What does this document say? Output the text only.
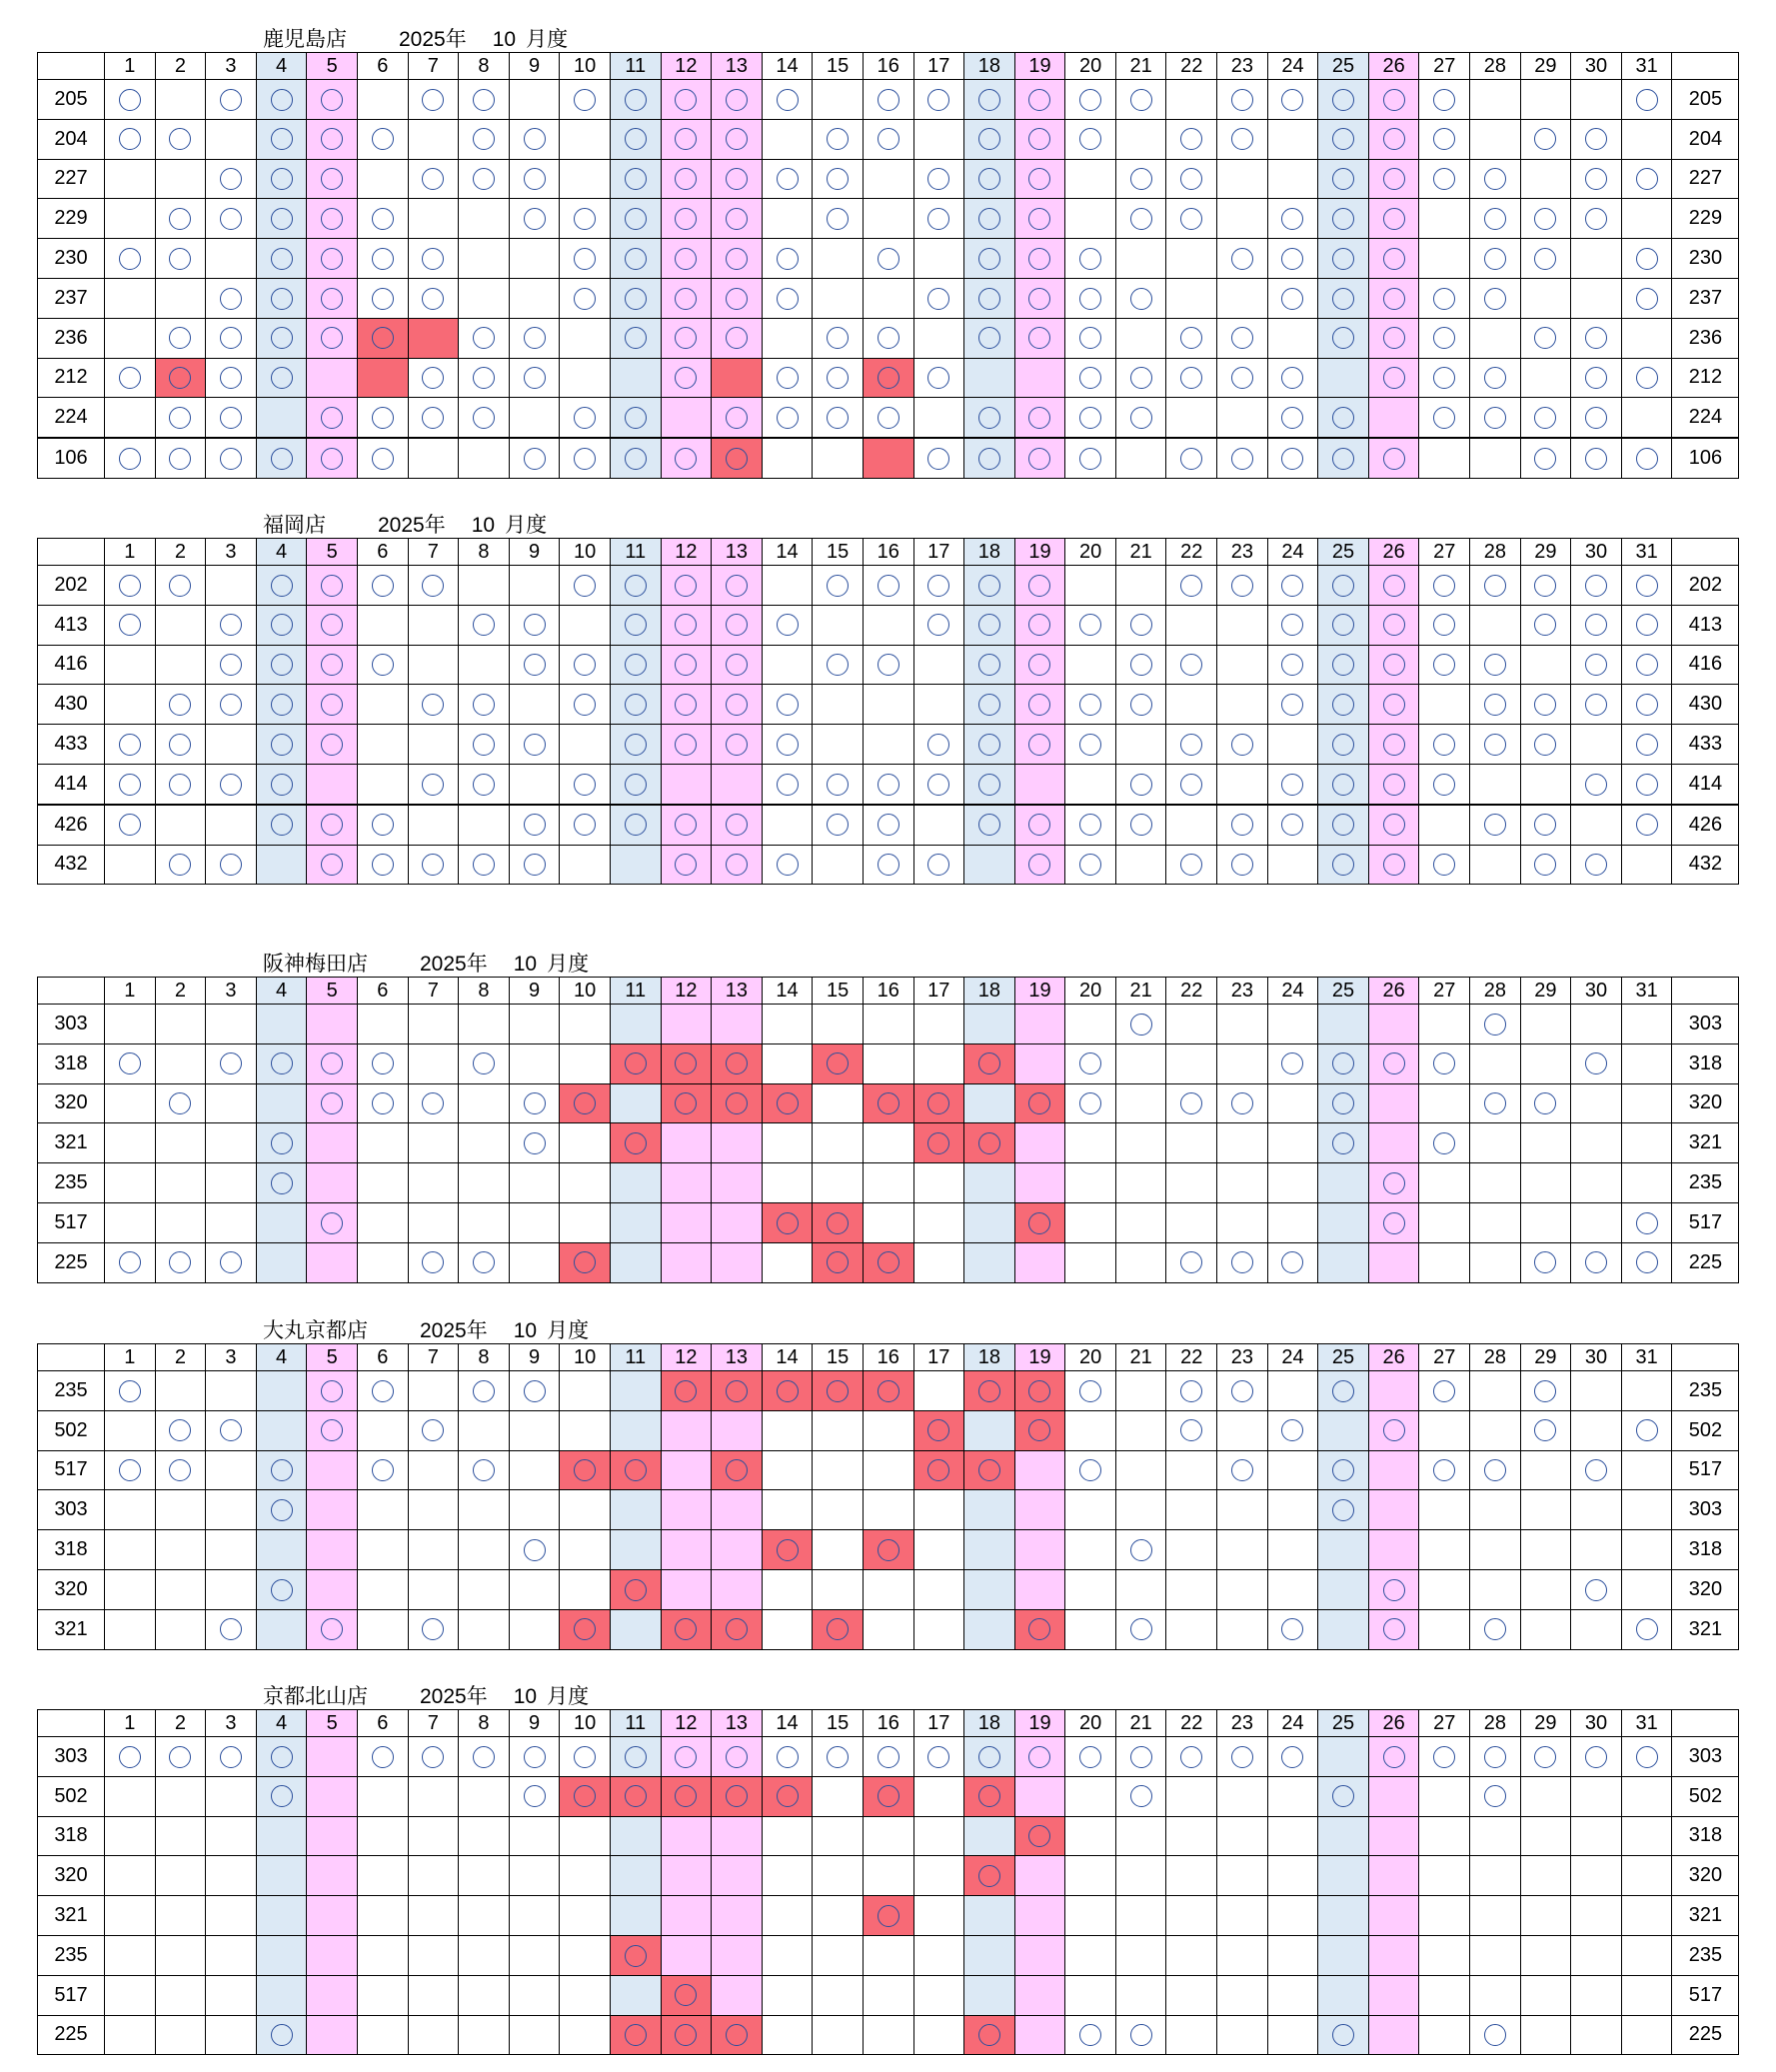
鹿児島店 2025年 10 月度
	1	2	3	4	5	6	7	8	9	10	11	12	13	14	15	16	17	18	19	20	21	22	23	24	25	26	27	28	29	30	31	
205																																205
204																																204
227																																227
229																																229
230																																230
237																																237
236																																236
212																																212
224																																224
106																																106
福岡店 2025年 10 月度
	1	2	3	4	5	6	7	8	9	10	11	12	13	14	15	16	17	18	19	20	21	22	23	24	25	26	27	28	29	30	31	
202																																202
413																																413
416																																416
430																																430
433																																433
414																																414
426																																426
432																																432
阪神梅田店 2025年 10 月度
	1	2	3	4	5	6	7	8	9	10	11	12	13	14	15	16	17	18	19	20	21	22	23	24	25	26	27	28	29	30	31	
303																																303
318																																318
320																																320
321																																321
235																																235
517																																517
225																																225
大丸京都店 2025年 10 月度
	1	2	3	4	5	6	7	8	9	10	11	12	13	14	15	16	17	18	19	20	21	22	23	24	25	26	27	28	29	30	31	
235																																235
502																																502
517																																517
303																																303
318																																318
320																																320
321																																321
京都北山店 2025年 10 月度
	1	2	3	4	5	6	7	8	9	10	11	12	13	14	15	16	17	18	19	20	21	22	23	24	25	26	27	28	29	30	31	
303																																303
502																																502
318																																318
320																																320
321																																321
235																																235
517																																517
225																																225
